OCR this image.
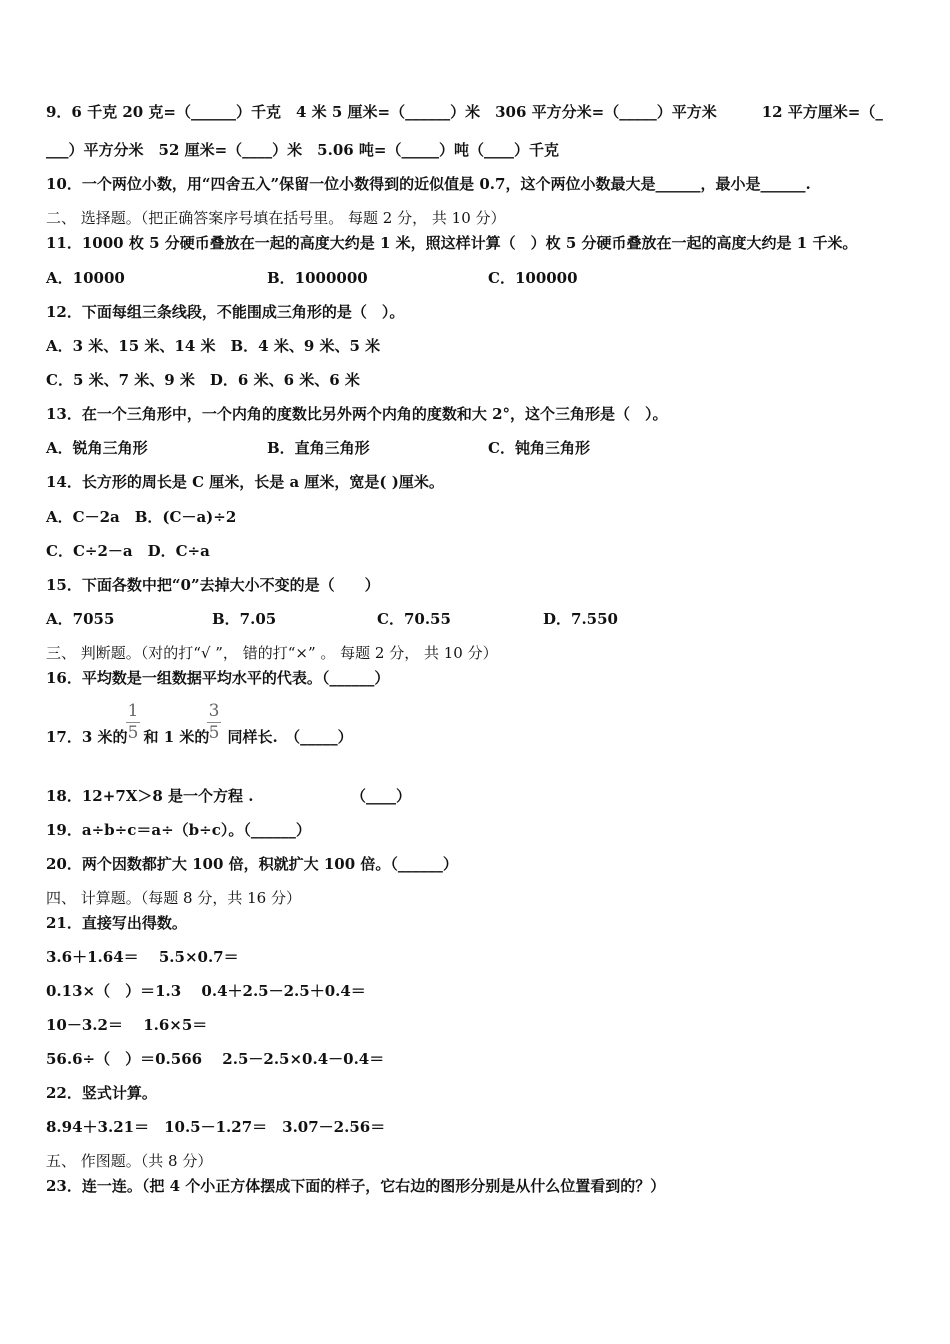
9．6 千克 20 克=（______）千克　4 米 5 厘米=（______）米　306 平方分米=（_____）平方米　　　12 平方厘米=（_
___）平方分米　52 厘米=（____）米　5.06 吨=（_____）吨（____）千克
10．一个两位小数，用“四舍五入”保留一位小数得到的近似值是 0.7，这个两位小数最大是______，最小是______.
二、 选择题。（把正确答案序号填在括号里。 每题 2 分， 共 10 分）
11．1000 枚 5 分硬币叠放在一起的高度大约是 1 米，照这样计算（　）枚 5 分硬币叠放在一起的高度大约是 1 千米。
A．10000	B．1000000	C．100000
12．下面每组三条线段，不能围成三角形的是（　）。
A．3 米、15 米、14 米　B．4 米、9 米、5 米
C．5 米、7 米、9 米　D．6 米、6 米、6 米
13．在一个三角形中，一个内角的度数比另外两个内角的度数和大 2°，这个三角形是（　）。
A．锐角三角形	B．直角三角形	C．钝角三角形
14．长方形的周长是 C 厘米，长是 a 厘米，宽是( )厘米。
A．C－2a　B．(C－a)÷2
C．C÷2－a　D．C÷a
15．下面各数中把“0”去掉大小不变的是（　　）
A．7055	B．7.05	C．70.55	D．7.550
三、 判断题。（对的打“√ ”， 错的打“×” 。 每题 2 分， 共 10 分）
16．平均数是一组数据平均水平的代表。（______）
17．3 米的 和 1 米的 同样长.　（_____）
1
5
3
5
18．12+7X＞8 是一个方程 .　　　　　　　（____）
19．a÷b÷c＝a÷（b÷c）。（______）
20．两个因数都扩大 100 倍，积就扩大 100 倍。（______）
四、 计算题。（每题 8 分，共 16 分）
21．直接写出得数。
3.6＋1.64＝　 5.5×0.7＝
0.13×（　）＝1.3　 0.4＋2.5－2.5＋0.4＝
10－3.2＝　 1.6×5＝
56.6÷（　）＝0.566　 2.5－2.5×0.4－0.4＝
22．竖式计算。
8.94＋3.21＝　10.5－1.27＝　3.07－2.56＝
五、 作图题。（共 8 分）
23．连一连。（把 4 个小正方体摆成下面的样子，它右边的图形分别是从什么位置看到的？）
